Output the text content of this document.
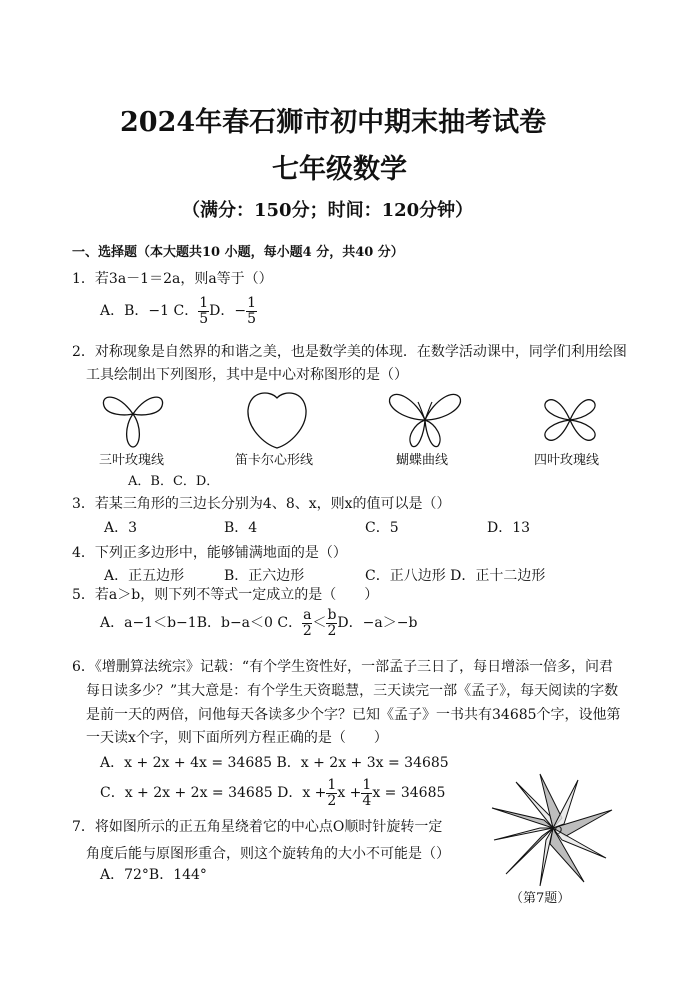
2024年春石狮市初中期末抽考试卷
七年级数学
（满分：150分；时间：120分钟）
一、选择题（本大题共10 小题，每小题4 分，共40 分）
1．若3a－1＝2a，则a等于（）
A．B．−1 C． $\frac{1}{5}$ D．− $\frac{1}{5}$
2．对称现象是自然界的和谐之美，也是数学美的体现．在数学活动课中，同学们利用绘图
工具绘制出下列图形，其中是中心对称图形的是（）
三叶玫瑰线	笛卡尔心形线	蝴蝶曲线	四叶玫瑰线
A．B．C．D．
3．若某三角形的三边长分别为4、8、x，则x的值可以是（）
A．3	B．4	C．5	D．13
4．下列正多边形中，能够铺满地面的是（）
A．正五边形	B．正六边形	C．正八边形 D．正十二边形
5．若a＞b，则下列不等式一定成立的是（　　）
A．a−1＜b−1B．b−a＜0 C． $\frac{a}{2} < \frac{b}{2}$ D．−a＞−b
6．《增删算法统宗》记载：“有个学生资性好，一部孟子三日了，每日增添一倍多，问君
每日读多少？”其大意是：有个学生天资聪慧，三天读完一部《孟子》，每天阅读的字数
是前一天的两倍，问他每天各读多少个字？已知《孟子》一书共有34685个字，设他第
一天读x个字，则下面所列方程正确的是（　　）
A．x + 2x + 4x = 34685 B．x + 2x + 3x = 34685
C．x + 2x + 2x = 34685 D．$x + \frac{1}{2}$ $x + \frac{1}{4}$ x = 34685
7．将如图所示的正五角星绕着它的中心点O顺时针旋转一定
角度后能与原图形重合，则这个旋转角的大小不可能是（）
A．72°B．144°
O
（第7题）
